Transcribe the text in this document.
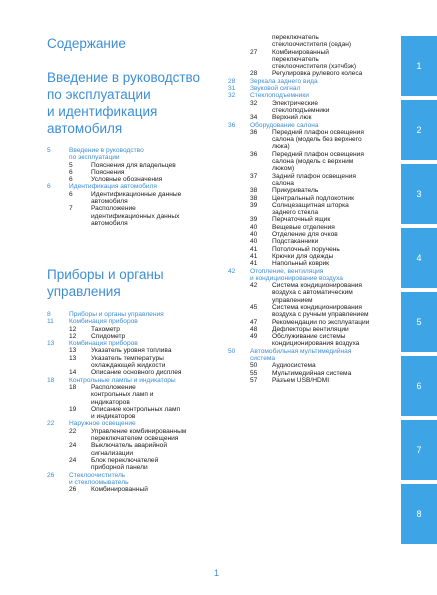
Содержание
Введение в руководство
по эксплуатации
и идентификация
автомобиля
5	Введение в руководство
по эксплуатации
5	Пояснения для владельцев
6	Пояснения
6	Условные обозначения
6	Идентификация автомобиля
6	Идентификационные данные
автомобиля
7	Расположение
идентификационных данных
автомобиля
Приборы и органы
управления
8	Приборы и органы управления
11	Комбинация приборов
12	Тахометр
12	Спидометр
13	Комбинация приборов
13	Указатель уровня топлива
13	Указатель температуры
охлаждающей жидкости
14	Описание основного дисплея
18	Контрольные лампы и индикаторы
18	Расположение
контрольных ламп и
индикаторов
19	Описание контрольных ламп
и индикаторов
22	Наружное освещение
22	Управление комбинированным
переключателем освещения
24	Выключатель аварийной
сигнализации
24	Блок переключателей
приборной панели
26	Стеклоочиститель
и стеклоомыватель
26	Комбинированный
переключатель
стеклоочистителя (седан)
27	Комбинированный
переключатель
стеклоочистителя (хэтчбэк)
28	Регулировка рулевого колеса
28	Зеркала заднего вида
31	Звуковой сигнал
32	Стеклоподъемники
32	Электрические
стеклоподъемники
34	Верхний люк
36	Оборудование салона
36	Передний плафон освещения
салона (модель без верхнего
люка)
36	Передний плафон освещения
салона (модель с верхним
люком)
37	Задний плафон освещения
салона
38	Прикуриватель
38	Центральный подлокотник
39	Солнцезащитная шторка
заднего стекла
39	Перчаточный ящик
40	Вещевые отделения
40	Отделение для очков
40	Подстаканники
41	Потолочный поручень
41	Крючки для одежды
41	Напольный коврик
42	Отопление, вентиляция
и кондиционирование воздуха
42	Система кондиционирования
воздуха с автоматическим
управлением
45	Система кондиционирования
воздуха с ручным управлением
47	Рекомендации по эксплуатации
48	Дефлекторы вентиляции
49	Обслуживание системы
кондиционирования воздуха
50	Автомобильная мультимедийная
система
50	Аудиосистема
55	Мультимедийная система
57	Разъем USB/HDMI
1
2
3
4
5
6
7
8
1
